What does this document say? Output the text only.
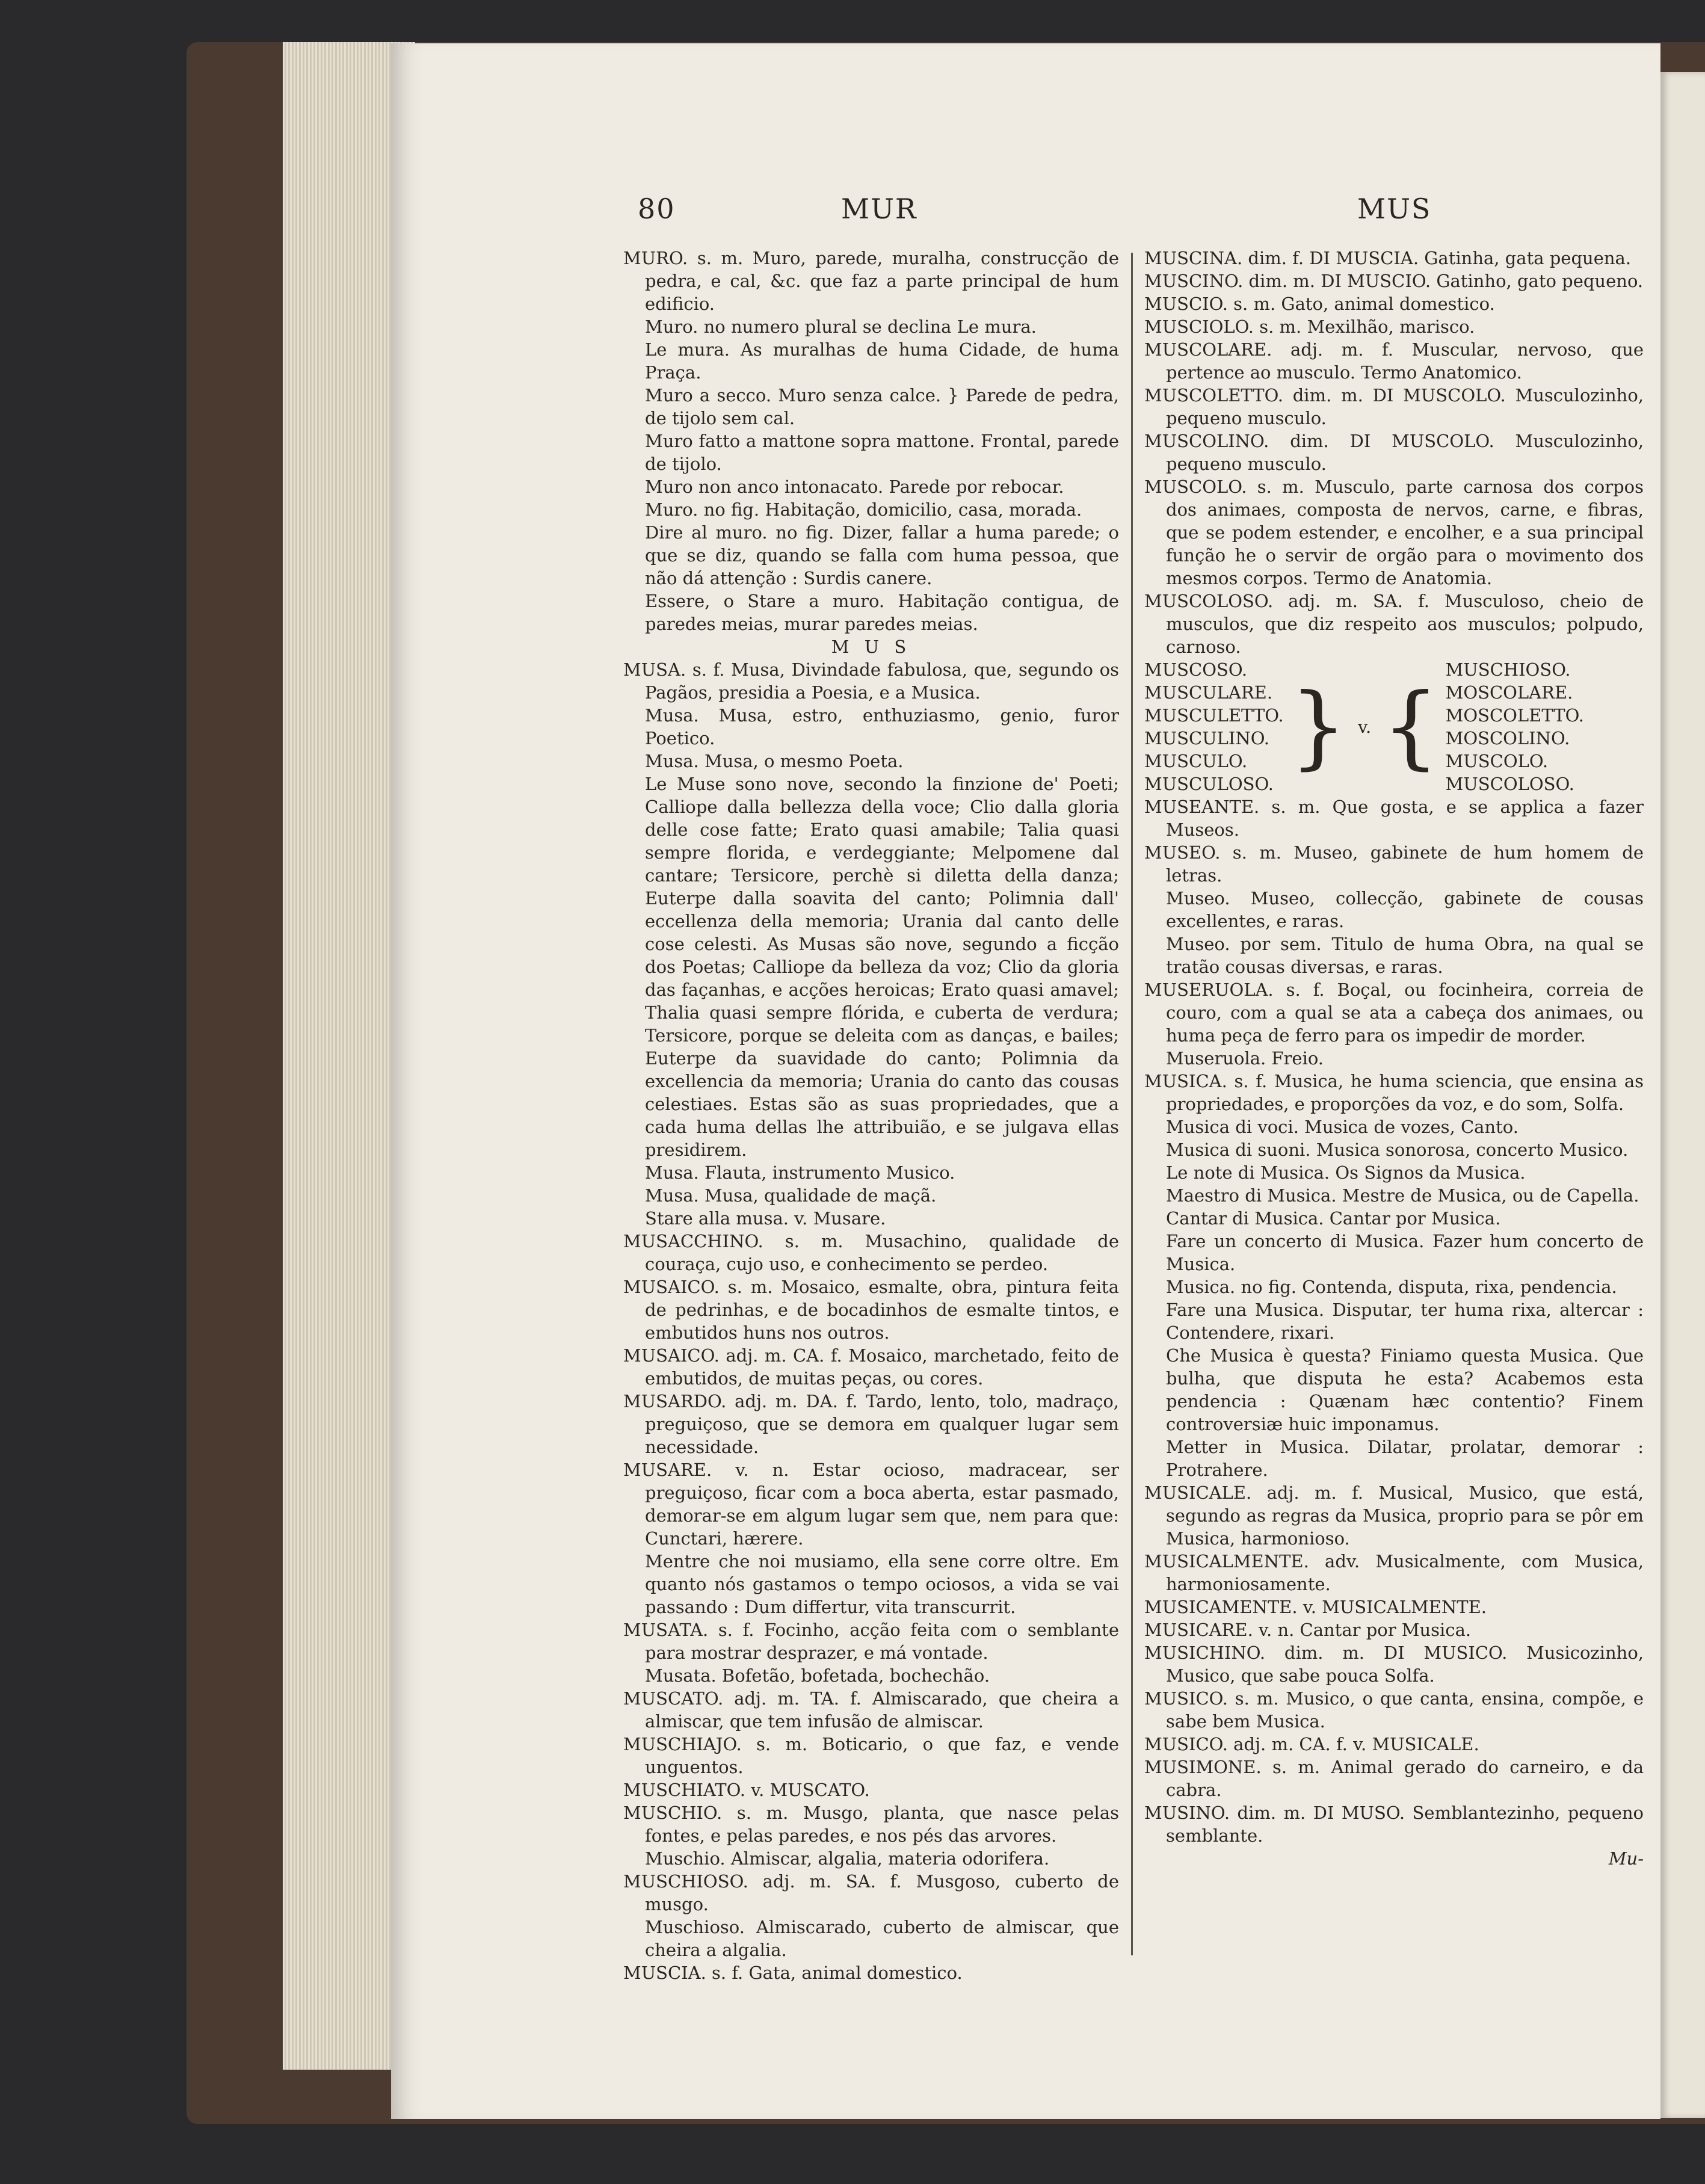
80	MUR	MUS

MURO. s. m. Muro, parede, muralha, construcção de pedra, e cal, &c. que faz a parte principal de hum edificio.

Muro. no numero plural se declina Le mura.

Le mura. As muralhas de huma Cidade, de huma Praça.

Muro a secco. Muro senza calce. } Parede de pedra, de tijolo sem cal.

Muro fatto a mattone sopra mattone. Frontal, parede de tijolo.

Muro non anco intonacato. Parede por rebocar.

Muro. no fig. Habitação, domicilio, casa, morada.

Dire al muro. no fig. Dizer, fallar a huma parede; o que se diz, quando se falla com huma pessoa, que não dá attenção : Surdis canere.

Essere, o Stare a muro. Habitação contigua, de paredes meias, murar paredes meias.

M U S

MUSA. s. f. Musa, Divindade fabulosa, que, segundo os Pagãos, presidia a Poesia, e a Musica.

Musa. Musa, estro, enthuziasmo, genio, furor Poetico.

Musa. Musa, o mesmo Poeta.

Le Muse sono nove, secondo la finzione de' Poeti; Calliope dalla bellezza della voce; Clio dalla gloria delle cose fatte; Erato quasi amabile; Talia quasi sempre florida, e verdeggiante; Melpomene dal cantare; Tersicore, perchè si diletta della danza; Euterpe dalla soavita del canto; Polimnia dall' eccellenza della memoria; Urania dal canto delle cose celesti. As Musas são nove, segundo a ficção dos Poetas; Calliope da belleza da voz; Clio da gloria das façanhas, e acções heroicas; Erato quasi amavel; Thalia quasi sempre flórida, e cuberta de verdura; Tersicore, porque se deleita com as danças, e bailes; Euterpe da suavidade do canto; Polimnia da excellencia da memoria; Urania do canto das cousas celestiaes. Estas são as suas propriedades, que a cada huma dellas lhe attribuião, e se julgava ellas presidirem.

Musa. Flauta, instrumento Musico.

Musa. Musa, qualidade de maçã.

Stare alla musa. v. Musare.

MUSACCHINO. s. m. Musachino, qualidade de couraça, cujo uso, e conhecimento se perdeo.

MUSAICO. s. m. Mosaico, esmalte, obra, pintura feita de pedrinhas, e de bocadinhos de esmalte tintos, e embutidos huns nos outros.

MUSAICO. adj. m. CA. f. Mosaico, marchetado, feito de embutidos, de muitas peças, ou cores.

MUSARDO. adj. m. DA. f. Tardo, lento, tolo, madraço, preguiçoso, que se demora em qualquer lugar sem necessidade.

MUSARE. v. n. Estar ocioso, madracear, ser preguiçoso, ficar com a boca aberta, estar pasmado, demorar-se em algum lugar sem que, nem para que: Cunctari, hærere.

Mentre che noi musiamo, ella sene corre oltre. Em quanto nós gastamos o tempo ociosos, a vida se vai passando : Dum differtur, vita transcurrit.

MUSATA. s. f. Focinho, acção feita com o semblante para mostrar desprazer, e má vontade.

Musata. Bofetão, bofetada, bochechão.

MUSCATO. adj. m. TA. f. Almiscarado, que cheira a almiscar, que tem infusão de almiscar.

MUSCHIAJO. s. m. Boticario, o que faz, e vende unguentos.

MUSCHIATO. v. MUSCATO.

MUSCHIO. s. m. Musgo, planta, que nasce pelas fontes, e pelas paredes, e nos pés das arvores.

Muschio. Almiscar, algalia, materia odorifera.

MUSCHIOSO. adj. m. SA. f. Musgoso, cuberto de musgo.

Muschioso. Almiscarado, cuberto de almiscar, que cheira a algalia.

MUSCIA. s. f. Gata, animal domestico.

MUSCINA. dim. f. DI MUSCIA. Gatinha, gata pequena.

MUSCINO. dim. m. DI MUSCIO. Gatinho, gato pequeno.

MUSCIO. s. m. Gato, animal domestico.

MUSCIOLO. s. m. Mexilhão, marisco.

MUSCOLARE. adj. m. f. Muscular, nervoso, que pertence ao musculo. Termo Anatomico.

MUSCOLETTO. dim. m. DI MUSCOLO. Musculozinho, pequeno musculo.

MUSCOLINO. dim. DI MUSCOLO. Musculozinho, pequeno musculo.

MUSCOLO. s. m. Musculo, parte carnosa dos corpos dos animaes, composta de nervos, carne, e fibras, que se podem estender, e encolher, e a sua principal função he o servir de orgão para o movimento dos mesmos corpos. Termo de Anatomia.

MUSCOLOSO. adj. m. SA. f. Musculoso, cheio de musculos, que diz respeito aos musculos; polpudo, carnoso.

MUSCOSO.
MUSCULARE.
MUSCULETTO.
MUSCULINO.
MUSCULO.
MUSCULOSO.
} v. {
MUSCHIOSO.
MOSCOLARE.
MOSCOLETTO.
MOSCOLINO.
MUSCOLO.
MUSCOLOSO.

MUSEANTE. s. m. Que gosta, e se applica a fazer Museos.

MUSEO. s. m. Museo, gabinete de hum homem de letras.

Museo. Museo, collecção, gabinete de cousas excellentes, e raras.

Museo. por sem. Titulo de huma Obra, na qual se tratão cousas diversas, e raras.

MUSERUOLA. s. f. Boçal, ou focinheira, correia de couro, com a qual se ata a cabeça dos animaes, ou huma peça de ferro para os impedir de morder.

Museruola. Freio.

MUSICA. s. f. Musica, he huma sciencia, que ensina as propriedades, e proporções da voz, e do som, Solfa.

Musica di voci. Musica de vozes, Canto.

Musica di suoni. Musica sonorosa, concerto Musico.

Le note di Musica. Os Signos da Musica.

Maestro di Musica. Mestre de Musica, ou de Capella.

Cantar di Musica. Cantar por Musica.

Fare un concerto di Musica. Fazer hum concerto de Musica.

Musica. no fig. Contenda, disputa, rixa, pendencia.

Fare una Musica. Disputar, ter huma rixa, altercar : Contendere, rixari.

Che Musica è questa? Finiamo questa Musica. Que bulha, que disputa he esta? Acabemos esta pendencia : Quænam hæc contentio? Finem controversiæ huic imponamus.

Metter in Musica. Dilatar, prolatar, demorar : Protrahere.

MUSICALE. adj. m. f. Musical, Musico, que está, segundo as regras da Musica, proprio para se pôr em Musica, harmonioso.

MUSICALMENTE. adv. Musicalmente, com Musica, harmoniosamente.

MUSICAMENTE. v. MUSICALMENTE.

MUSICARE. v. n. Cantar por Musica.

MUSICHINO. dim. m. DI MUSICO. Musicozinho, Musico, que sabe pouca Solfa.

MUSICO. s. m. Musico, o que canta, ensina, compõe, e sabe bem Musica.

MUSICO. adj. m. CA. f. v. MUSICALE.

MUSIMONE. s. m. Animal gerado do carneiro, e da cabra.

MUSINO. dim. m. DI MUSO. Semblantezinho, pequeno semblante.

Mu-
